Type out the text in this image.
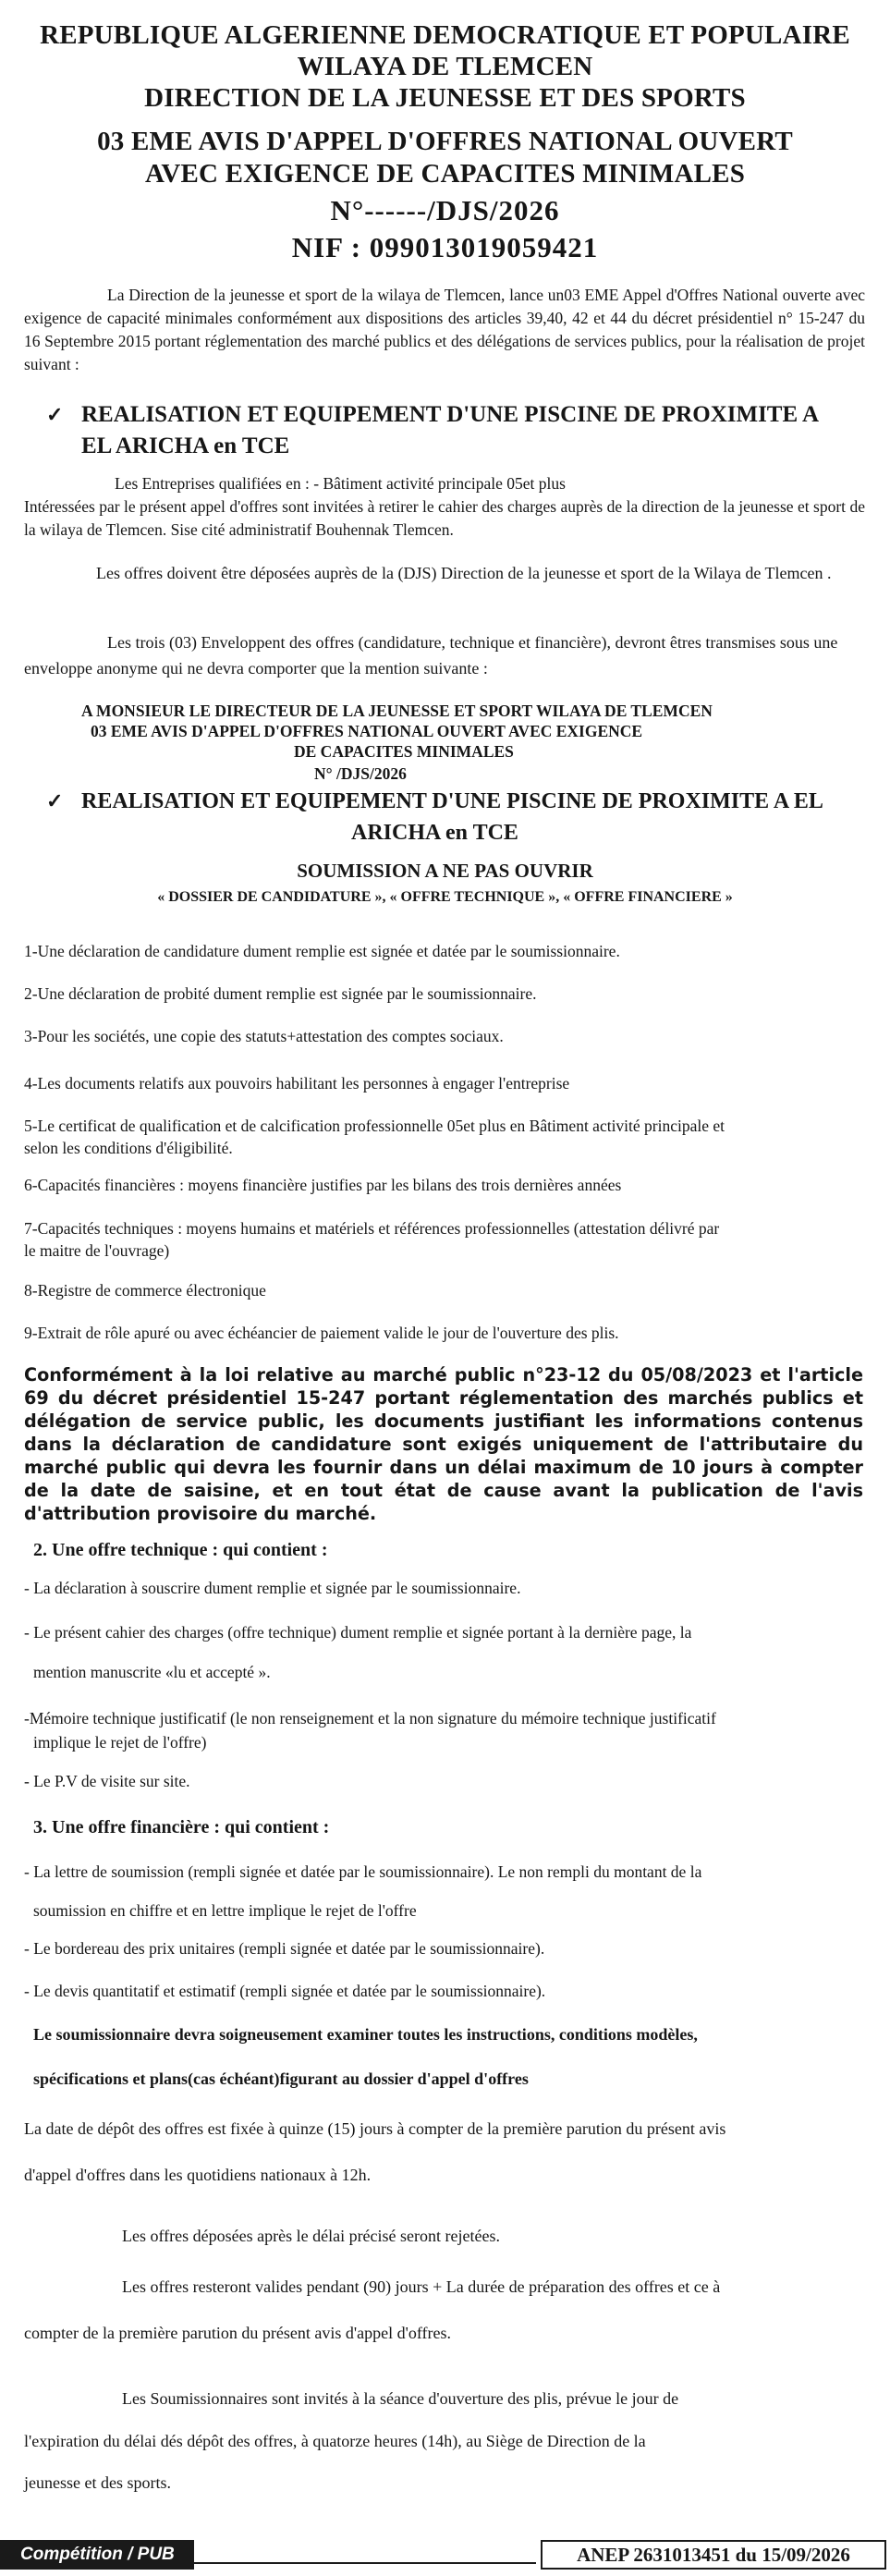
REPUBLIQUE ALGERIENNE DEMOCRATIQUE ET POPULAIRE

WILAYA DE TLEMCEN

DIRECTION DE LA JEUNESSE ET DES SPORTS

03 EME AVIS D'APPEL D'OFFRES NATIONAL OUVERT

AVEC EXIGENCE DE CAPACITES MINIMALES

N°------/DJS/2026

NIF : 099013019059421

La Direction de la jeunesse et sport de la wilaya de Tlemcen, lance un03 EME Appel d'Offres National ouverte avec exigence de capacité minimales conformément aux dispositions des articles 39,40, 42 et 44 du décret présidentiel n° 15-247 du 16 Septembre 2015 portant réglementation des marché publics et des délégations de services publics, pour la réalisation de projet suivant :

✓ REALISATION ET EQUIPEMENT D'UNE PISCINE DE PROXIMITE A
EL ARICHA en TCE

Les Entreprises qualifiées en : - Bâtiment activité principale 05et plus

Intéressées par le présent appel d'offres sont invitées à retirer le cahier des charges auprès de la direction de la jeunesse et sport de la wilaya de Tlemcen. Sise cité administratif Bouhennak Tlemcen.

Les offres doivent être déposées auprès de la (DJS) Direction de la jeunesse et sport de la Wilaya de Tlemcen .

Les trois (03) Enveloppent des offres (candidature, technique et financière), devront êtres transmises sous une enveloppe anonyme qui ne devra comporter que la mention suivante :

A MONSIEUR LE DIRECTEUR DE LA JEUNESSE ET SPORT WILAYA DE TLEMCEN

03 EME AVIS D'APPEL D'OFFRES NATIONAL OUVERT AVEC EXIGENCE

DE CAPACITES MINIMALES

N° /DJS/2026

✓ REALISATION ET EQUIPEMENT D'UNE PISCINE DE PROXIMITE A EL
ARICHA en TCE

SOUMISSION A NE PAS OUVRIR

« DOSSIER DE CANDIDATURE », « OFFRE TECHNIQUE », « OFFRE FINANCIERE »

1-Une déclaration de candidature dument remplie est signée et datée par le soumissionnaire.

2-Une déclaration de probité dument remplie est signée par le soumissionnaire.

3-Pour les sociétés, une copie des statuts+attestation des comptes sociaux.

4-Les documents relatifs aux pouvoirs habilitant les personnes à engager l'entreprise

5-Le certificat de qualification et de calcification professionnelle 05et plus en Bâtiment activité principale et

selon les conditions d'éligibilité.

6-Capacités financières : moyens financière justifies par les bilans des trois dernières années

7-Capacités techniques : moyens humains et matériels et références professionnelles (attestation délivré par

le maitre de l'ouvrage)

8-Registre de commerce électronique

9-Extrait de rôle apuré ou avec échéancier de paiement valide le jour de l'ouverture des plis.

Conformément à la loi relative au marché public n°23-12 du 05/08/2023 et l'article 69 du décret présidentiel 15-247 portant réglementation des marchés publics et délégation de service public, les documents justifiant les informations contenus dans la déclaration de candidature sont exigés uniquement de l'attributaire du marché public qui devra les fournir dans un délai maximum de 10 jours à compter de la date de saisine, et en tout état de cause avant la publication de l'avis d'attribution provisoire du marché.

2. Une offre technique : qui contient :

- La déclaration à souscrire dument remplie et signée par le soumissionnaire.

- Le présent cahier des charges (offre technique) dument remplie et signée portant à la dernière page, la

mention manuscrite «lu et accepté ».

-Mémoire technique justificatif (le non renseignement et la non signature du mémoire technique justificatif

implique le rejet de l'offre)

- Le P.V de visite sur site.

3. Une offre financière : qui contient :

- La lettre de soumission (rempli signée et datée par le soumissionnaire). Le non rempli du montant de la

soumission en chiffre et en lettre implique le rejet de l'offre

- Le bordereau des prix unitaires (rempli signée et datée par le soumissionnaire).

- Le devis quantitatif et estimatif (rempli signée et datée par le soumissionnaire).

Le soumissionnaire devra soigneusement examiner toutes les instructions, conditions modèles,

spécifications et plans(cas échéant)figurant au dossier d'appel d'offres

La date de dépôt des offres est fixée à quinze (15) jours à compter de la première parution du présent avis

d'appel d'offres dans les quotidiens nationaux à 12h.

Les offres déposées après le délai précisé seront rejetées.

Les offres resteront valides pendant (90) jours + La durée de préparation des offres et ce à

compter de la première parution du présent avis d'appel d'offres.

Les Soumissionnaires sont invités à la séance d'ouverture des plis, prévue le jour de

l'expiration du délai dés dépôt des offres, à quatorze heures (14h), au Siège de Direction de la

jeunesse et des sports.

Compétition / PUB	ANEP 2631013451 du 15/09/2026
